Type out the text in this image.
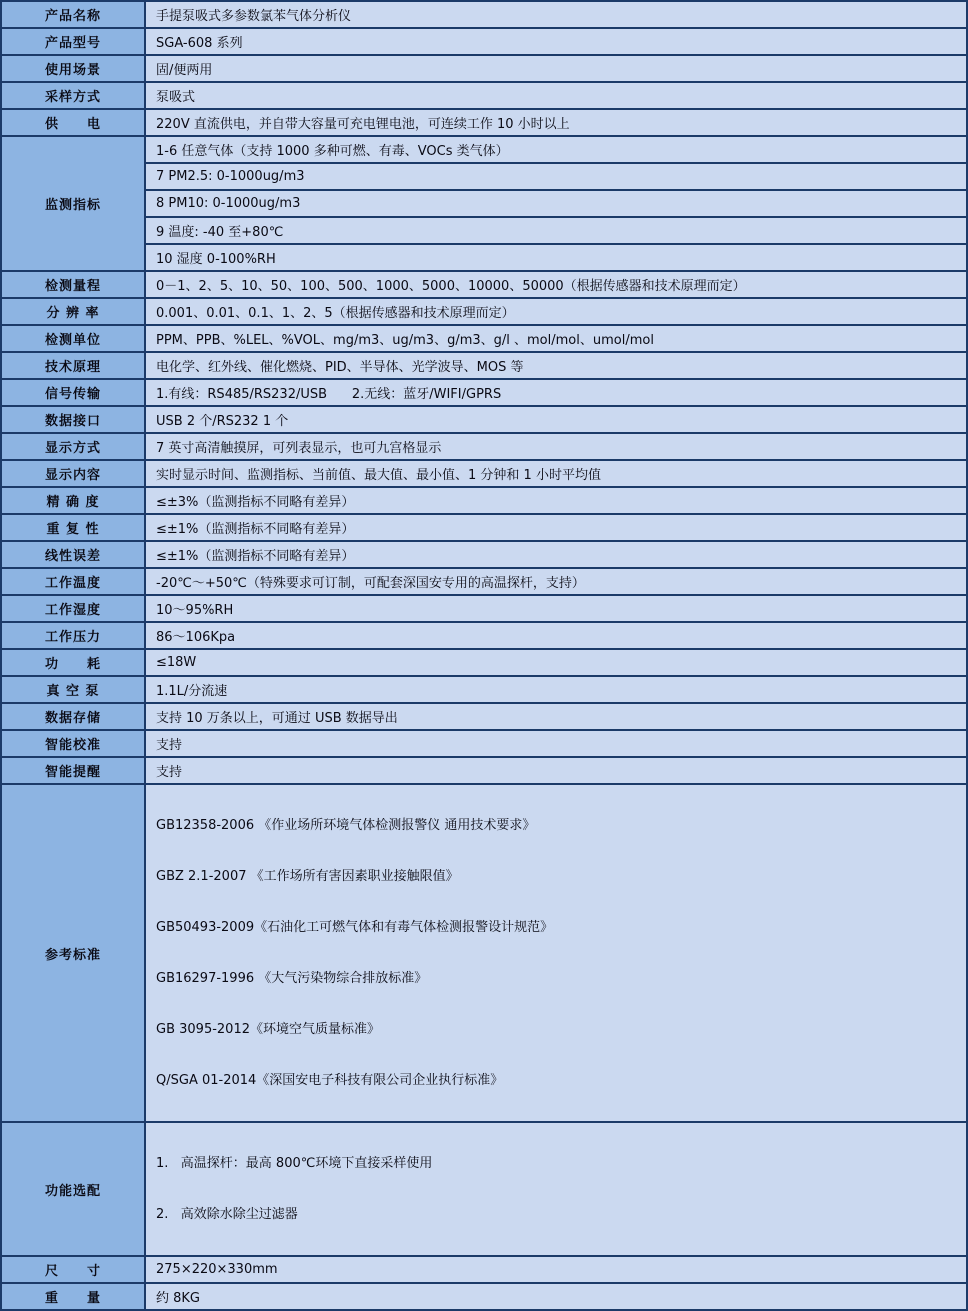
产品名称	手提泵吸式多参数氯苯气体分析仪
产品型号	SGA-608 系列
使用场景	固/便两用
采样方式	泵吸式
供　　电	220V 直流供电，并自带大容量可充电锂电池，可连续工作 10 小时以上
监测指标	1-6 任意气体（支持 1000 多种可燃、有毒、VOCs 类气体）
	7 PM2.5: 0-1000ug/m3
	8 PM10: 0-1000ug/m3
	9 温度: -40 至+80℃
	10 湿度 0-100%RH
检测量程	0－1、2、5、10、50、100、500、1000、5000、10000、50000（根据传感器和技术原理而定）
分 辨 率	0.001、0.01、0.1、1、2、5（根据传感器和技术原理而定）
检测单位	PPM、PPB、%LEL、%VOL、mg/m3、ug/m3、g/m3、g/l 、mol/mol、umol/mol
技术原理	电化学、红外线、催化燃烧、PID、半导体、光学波导、MOS 等
信号传输	1.有线：RS485/RS232/USB      2.无线：蓝牙/WIFI/GPRS
数据接口	USB 2 个/RS232 1 个
显示方式	7 英寸高清触摸屏，可列表显示，也可九宫格显示
显示内容	实时显示时间、监测指标、当前值、最大值、最小值、1 分钟和 1 小时平均值
精 确 度	≤±3%（监测指标不同略有差异）
重 复 性	≤±1%（监测指标不同略有差异）
线性误差	≤±1%（监测指标不同略有差异）
工作温度	-20℃～+50℃（特殊要求可订制，可配套深国安专用的高温探杆，支持）
工作湿度	10～95%RH
工作压力	86～106Kpa
功　　耗	≤18W
真 空 泵	1.1L/分流速
数据存储	支持 10 万条以上，可通过 USB 数据导出
智能校准	支持
智能提醒	支持
参考标准	

GB12358-2006 《作业场所环境气体检测报警仪 通用技术要求》

GBZ 2.1-2007 《工作场所有害因素职业接触限值》

GB50493-2009《石油化工可燃气体和有毒气体检测报警设计规范》

GB16297-1996 《大气污染物综合排放标准》

GB 3095-2012《环境空气质量标准》

Q/SGA 01-2014《深国安电子科技有限公司企业执行标准》

功能选配	1.   高温探杆：最高 800℃环境下直接采样使用

2.   高效除水除尘过滤器

尺　　寸	275×220×330mm
重　　量	约 8KG
